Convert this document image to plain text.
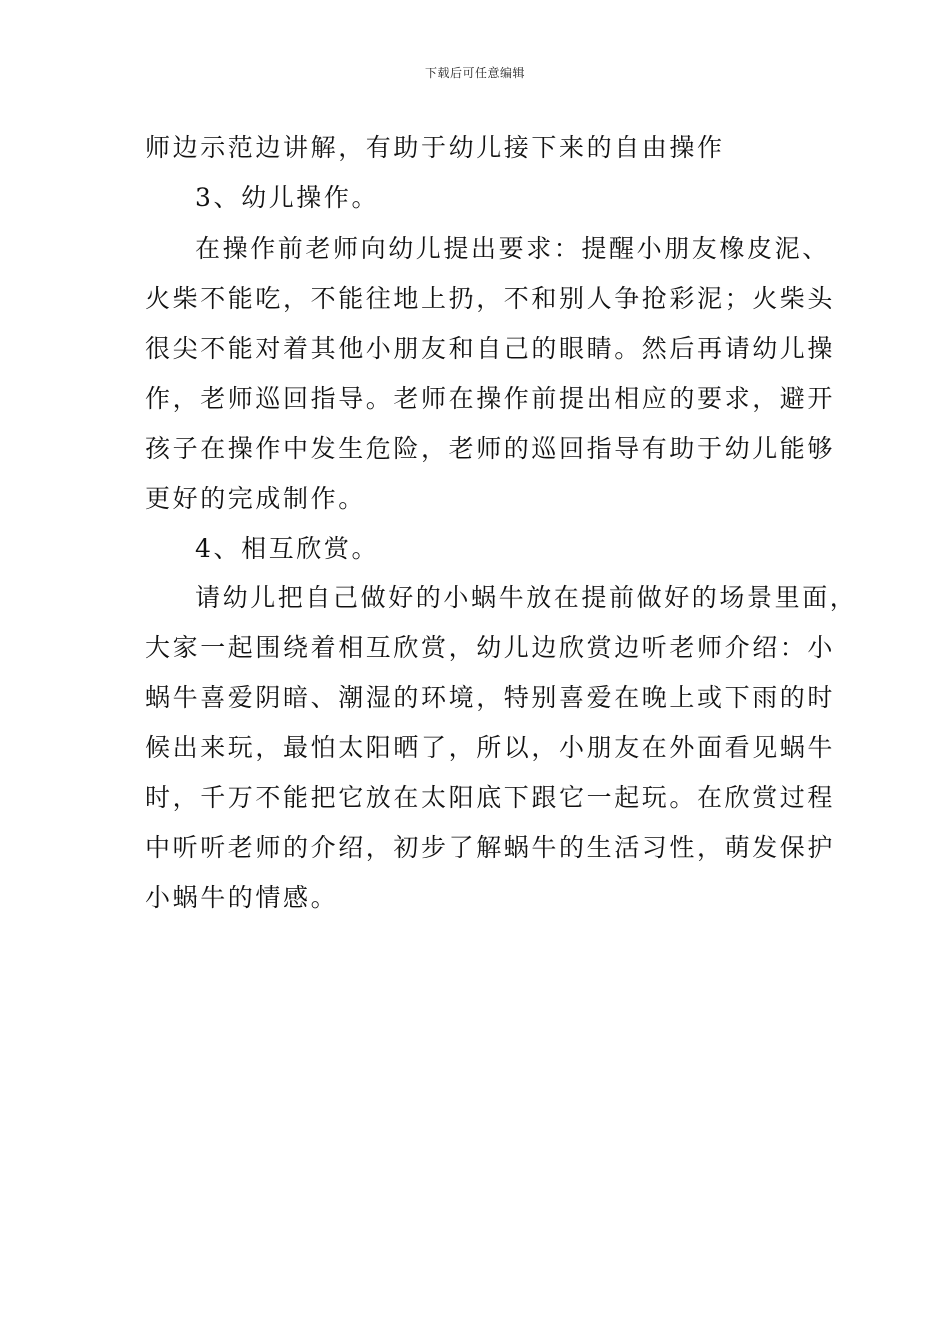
下载后可任意编辑
师边示范边讲解，有助于幼儿接下来的自由操作
3、幼儿操作。
在操作前老师向幼儿提出要求：提醒小朋友橡皮泥、
火柴不能吃，不能往地上扔，不和别人争抢彩泥；火柴头
很尖不能对着其他小朋友和自己的眼睛。然后再请幼儿操
作，老师巡回指导。老师在操作前提出相应的要求，避开
孩子在操作中发生危险，老师的巡回指导有助于幼儿能够
更好的完成制作。
4、相互欣赏。
请幼儿把自己做好的小蜗牛放在提前做好的场景里面，
大家一起围绕着相互欣赏，幼儿边欣赏边听老师介绍：小
蜗牛喜爱阴暗、潮湿的环境，特别喜爱在晚上或下雨的时
候出来玩，最怕太阳晒了，所以，小朋友在外面看见蜗牛
时，千万不能把它放在太阳底下跟它一起玩。在欣赏过程
中听听老师的介绍，初步了解蜗牛的生活习性，萌发保护
小蜗牛的情感。
